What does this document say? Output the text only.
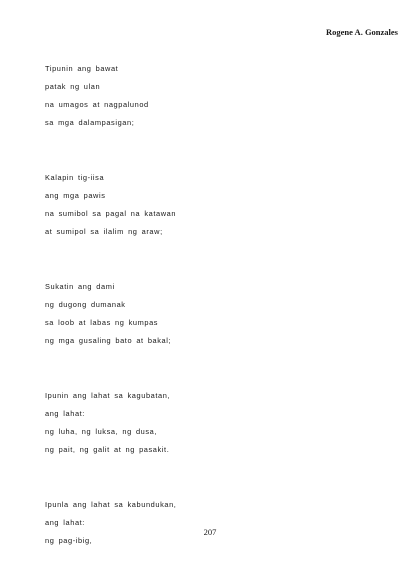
Rogene A. Gonzales
Tipunin ang bawat
patak ng ulan
na umagos at nagpalunod
sa mga dalampasigan;
Kalapin tig-iisa
ang mga pawis
na sumibol sa pagal na katawan
at sumipol sa ilalim ng araw;
Sukatin ang dami
ng dugong dumanak
sa loob at labas ng kumpas
ng mga gusaling bato at bakal;
Ipunin ang lahat sa kagubatan,
ang lahat:
ng luha, ng luksa, ng dusa,
ng pait, ng galit at ng pasakit.
Ipunla ang lahat sa kabundukan,
ang lahat:
ng pag-ibig,
207
